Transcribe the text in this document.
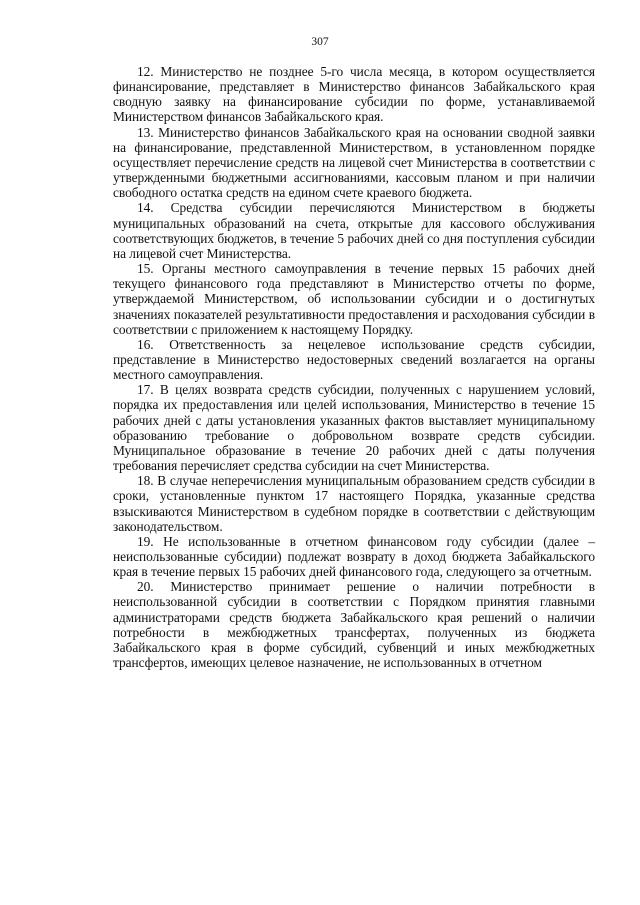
307

12. Министерство не позднее 5-го числа месяца, в котором осуществляется финансирование, представляет в Министерство финансов Забайкальского края сводную заявку на финансирование субсидии по форме, устанавливаемой Министерством финансов Забайкальского края.

13. Министерство финансов Забайкальского края на основании сводной заявки на финансирование, представленной Министерством, в установленном порядке осуществляет перечисление средств на лицевой счет Министерства в соответствии с утвержденными бюджетными ассигнованиями, кассовым планом и при наличии свободного остатка средств на едином счете краевого бюджета.

14. Средства субсидии перечисляются Министерством в бюджеты муниципальных образований на счета, открытые для кассового обслуживания соответствующих бюджетов, в течение 5 рабочих дней со дня поступления субсидии на лицевой счет Министерства.

15. Органы местного самоуправления в течение первых 15 рабочих дней текущего финансового года представляют в Министерство отчеты по форме, утверждаемой Министерством, об использовании субсидии и о достигнутых значениях показателей результативности предоставления и расходования субсидии в соответствии с приложением к настоящему Порядку.

16. Ответственность за нецелевое использование средств субсидии, представление в Министерство недостоверных сведений возлагается на органы местного самоуправления.

17. В целях возврата средств субсидии, полученных с нарушением условий, порядка их предоставления или целей использования, Министерство в течение 15 рабочих дней с даты установления указанных фактов выставляет муниципальному образованию требование о добровольном возврате средств субсидии. Муниципальное образование в течение 20 рабочих дней с даты получения требования перечисляет средства субсидии на счет Министерства.

18. В случае неперечисления муниципальным образованием средств субсидии в сроки, установленные пунктом 17 настоящего Порядка, указанные средства взыскиваются Министерством в судебном порядке в соответствии с действующим законодательством.

19. Не использованные в отчетном финансовом году субсидии (далее – неиспользованные субсидии) подлежат возврату в доход бюджета Забайкальского края в течение первых 15 рабочих дней финансового года, следующего за отчетным.

20. Министерство принимает решение о наличии потребности в неиспользованной субсидии в соответствии с Порядком принятия главными администраторами средств бюджета Забайкальского края решений о наличии потребности в межбюджетных трансфертах, полученных из бюджета Забайкальского края в форме субсидий, субвенций и иных межбюджетных трансфертов, имеющих целевое назначение, не использованных в отчетном
